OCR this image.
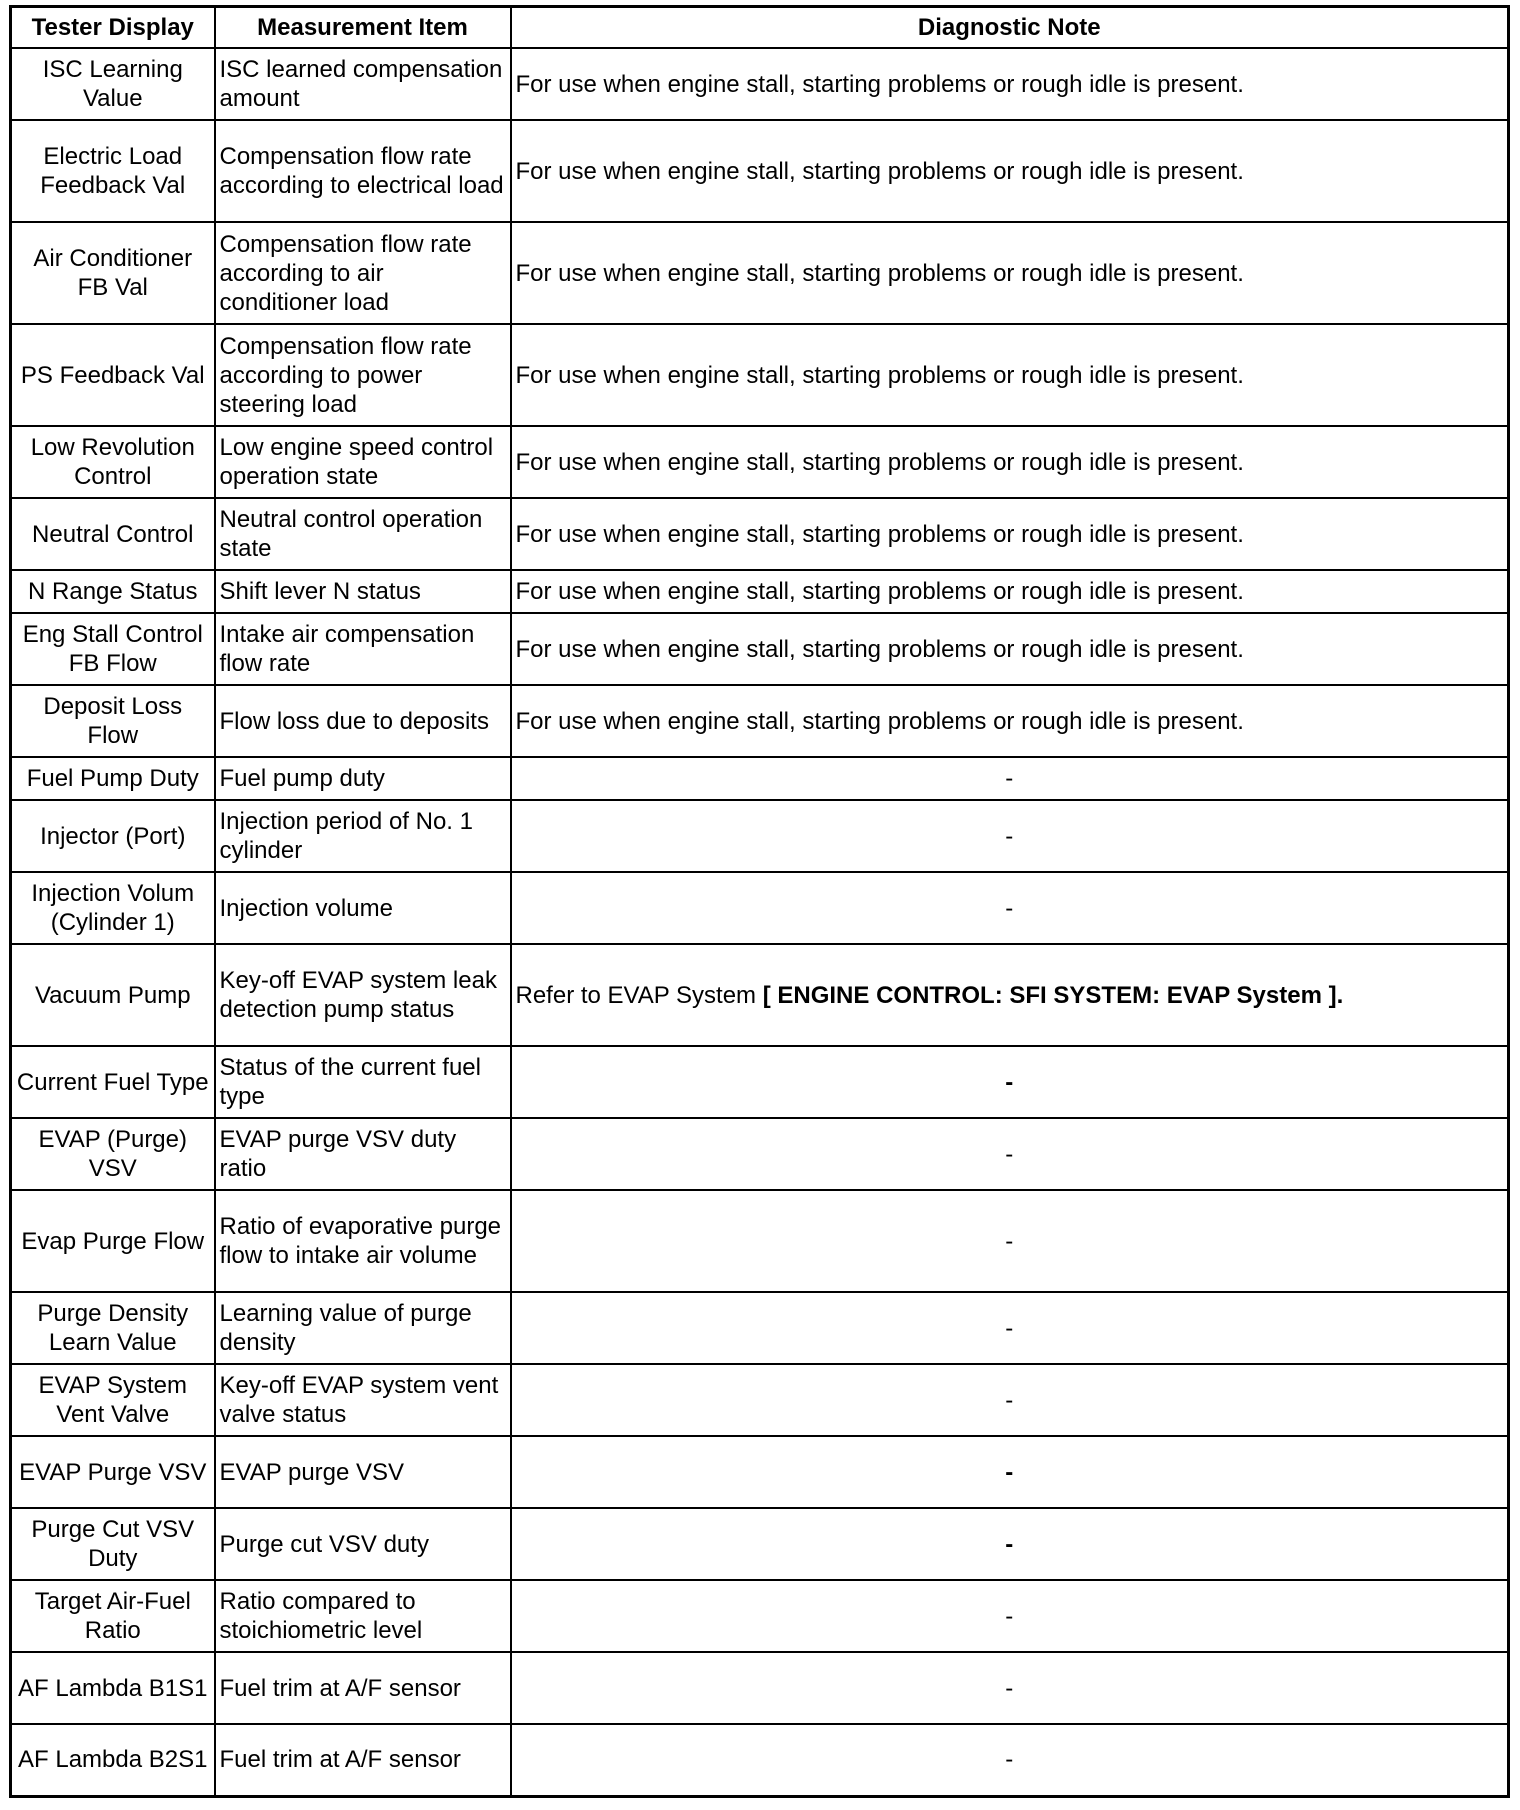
Tester Display	Measurement Item	Diagnostic Note
ISC Learning Value	ISC learned compensation amount	For use when engine stall, starting problems or rough idle is present.
Electric Load Feedback Val	Compensation flow rate according to electrical load	For use when engine stall, starting problems or rough idle is present.
Air Conditioner FB Val	Compensation flow rate according to air conditioner load	For use when engine stall, starting problems or rough idle is present.
PS Feedback Val	Compensation flow rate according to power steering load	For use when engine stall, starting problems or rough idle is present.
Low Revolution Control	Low engine speed control operation state	For use when engine stall, starting problems or rough idle is present.
Neutral Control	Neutral control operation state	For use when engine stall, starting problems or rough idle is present.
N Range Status	Shift lever N status	For use when engine stall, starting problems or rough idle is present.
Eng Stall Control FB Flow	Intake air compensation flow rate	For use when engine stall, starting problems or rough idle is present.
Deposit Loss Flow	Flow loss due to deposits	For use when engine stall, starting problems or rough idle is present.
Fuel Pump Duty	Fuel pump duty	-
Injector (Port)	Injection period of No. 1 cylinder	-
Injection Volum (Cylinder 1)	Injection volume	-
Vacuum Pump	Key-off EVAP system leak detection pump status	Refer to EVAP System [ ENGINE CONTROL: SFI SYSTEM: EVAP System ].
Current Fuel Type	Status of the current fuel type	-
EVAP (Purge) VSV	EVAP purge VSV duty ratio	-
Evap Purge Flow	Ratio of evaporative purge flow to intake air volume	-
Purge Density Learn Value	Learning value of purge density	-
EVAP System Vent Valve	Key-off EVAP system vent valve status	-
EVAP Purge VSV	EVAP purge VSV	-
Purge Cut VSV Duty	Purge cut VSV duty	-
Target Air-Fuel Ratio	Ratio compared to stoichiometric level	-
AF Lambda B1S1	Fuel trim at A/F sensor	-
AF Lambda B2S1	Fuel trim at A/F sensor	-
